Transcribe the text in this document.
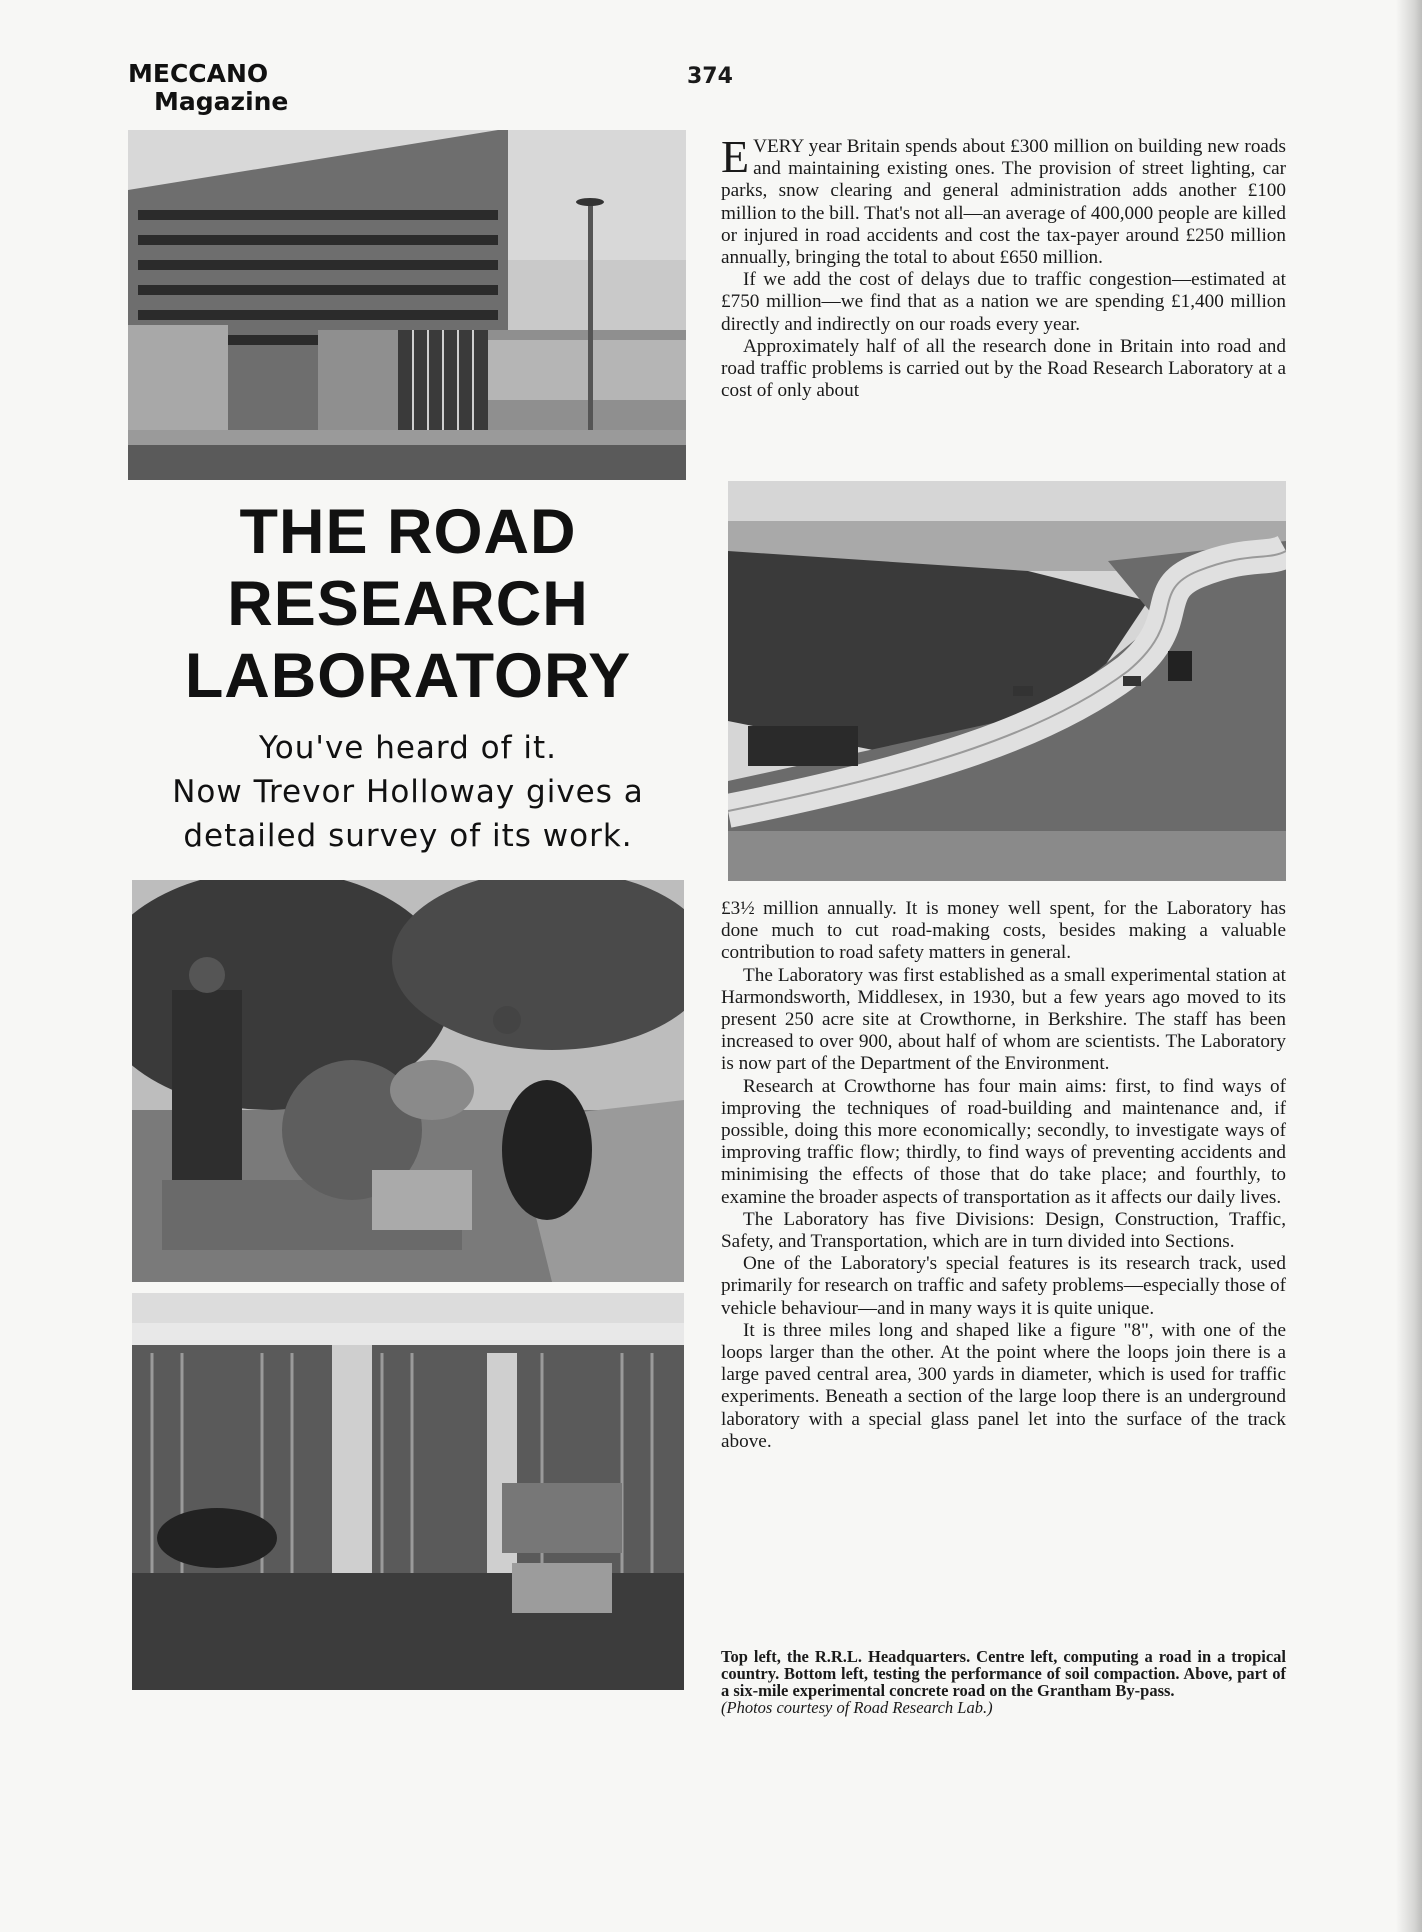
MECCANO
Magazine
374
THE ROAD
RESEARCH
LABORATORY
You've heard of it.
Now Trevor Holloway gives a
detailed survey of its work.

EVERY year Britain spends about £300 million on building new roads and maintaining existing ones. The provision of street lighting, car parks, snow clearing and general administration adds another £100 million to the bill. That's not all—an average of 400,000 people are killed or injured in road accidents and cost the tax-payer around £250 million annually, bringing the total to about £650 million.

If we add the cost of delays due to traffic congestion—estimated at £750 million—we find that as a nation we are spending £1,400 million directly and indirectly on our roads every year.

Approximately half of all the research done in Britain into road and road traffic problems is carried out by the Road Research Laboratory at a cost of only about

£3½ million annually. It is money well spent, for the Laboratory has done much to cut road-making costs, besides making a valuable contribution to road safety matters in general.

The Laboratory was first established as a small experimental station at Harmondsworth, Middlesex, in 1930, but a few years ago moved to its present 250 acre site at Crowthorne, in Berkshire. The staff has been increased to over 900, about half of whom are scientists. The Laboratory is now part of the Department of the Environment.

Research at Crowthorne has four main aims: first, to find ways of improving the techniques of road-building and maintenance and, if possible, doing this more economically; secondly, to investigate ways of improving traffic flow; thirdly, to find ways of preventing accidents and minimising the effects of those that do take place; and fourthly, to examine the broader aspects of transportation as it affects our daily lives.

The Laboratory has five Divisions: Design, Construction, Traffic, Safety, and Transportation, which are in turn divided into Sections.

One of the Laboratory's special features is its research track, used primarily for research on traffic and safety problems—especially those of vehicle behaviour—and in many ways it is quite unique.

It is three miles long and shaped like a figure "8", with one of the loops larger than the other. At the point where the loops join there is a large paved central area, 300 yards in diameter, which is used for traffic experiments. Beneath a section of the large loop there is an underground laboratory with a special glass panel let into the surface of the track above.

Top left, the R.R.L. Headquarters. Centre left, computing a road in a tropical country. Bottom left, testing the performance of soil compaction. Above, part of a six-mile experimental concrete road on the Grantham By-pass.
(Photos courtesy of Road Research Lab.)
